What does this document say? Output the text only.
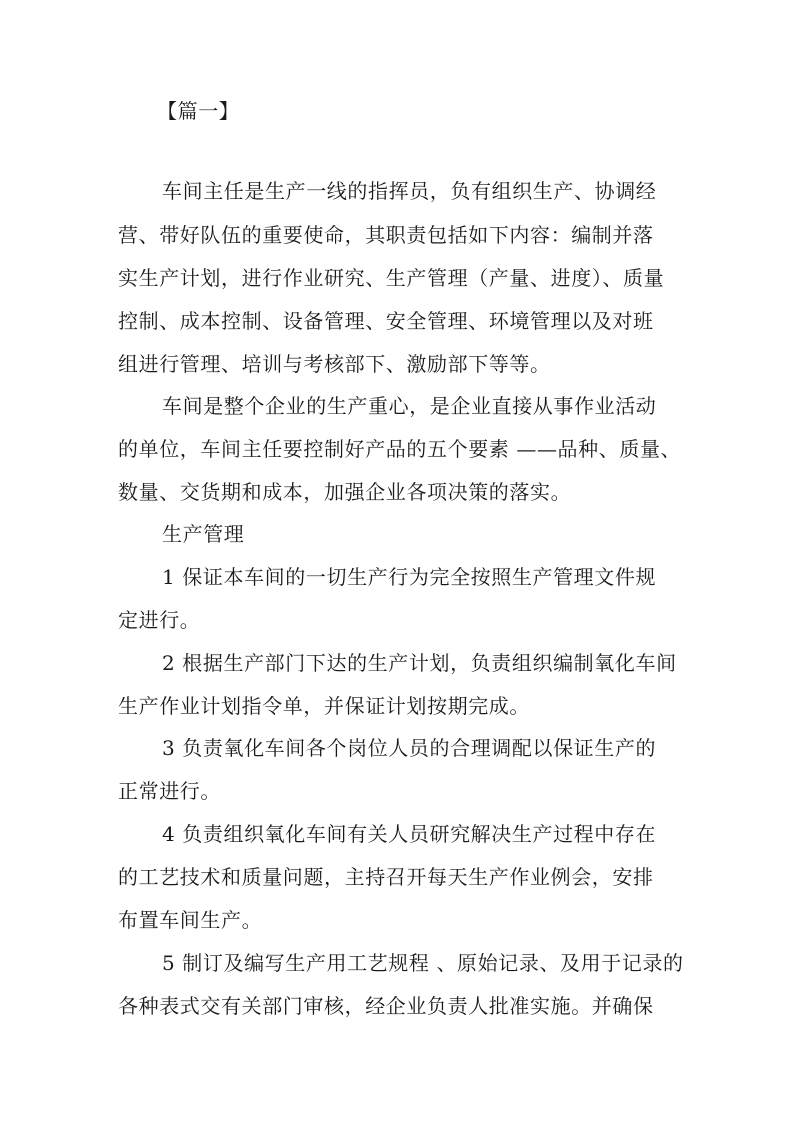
【篇一】
车间主任是生产一线的指挥员，负有组织生产、协调经
营、带好队伍的重要使命，其职责包括如下内容：编制并落
实生产计划，进行作业研究、生产管理（产量、进度）、质量
控制、成本控制、设备管理、安全管理、环境管理以及对班
组进行管理、培训与考核部下、激励部下等等。
车间是整个企业的生产重心，是企业直接从事作业活动
的单位，车间主任要控制好产品的五个要素 ——品种、质量、
数量、交货期和成本，加强企业各项决策的落实。
生产管理
1 保证本车间的一切生产行为完全按照生产管理文件规
定进行。
2 根据生产部门下达的生产计划，负责组织编制氧化车间
生产作业计划指令单，并保证计划按期完成。
3 负责氧化车间各个岗位人员的合理调配以保证生产的
正常进行。
4 负责组织氧化车间有关人员研究解决生产过程中存在
的工艺技术和质量问题，主持召开每天生产作业例会，安排
布置车间生产。
5 制订及编写生产用工艺规程 、原始记录、及用于记录的
各种表式交有关部门审核，经企业负责人批准实施。并确保
